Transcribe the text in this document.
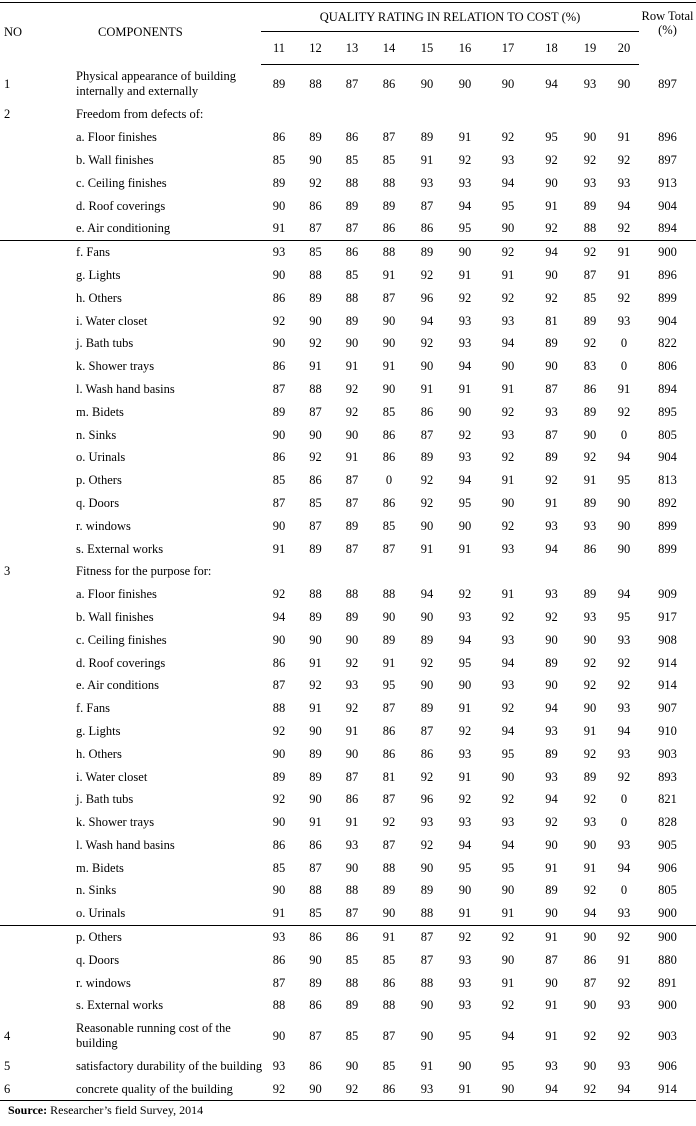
NO	COMPONENTS	QUALITY RATING IN RELATION TO COST (%)										Row Total (%)
		11	12	13	14	15	16	17	18	19	20	
1	Physical appearance of building internally and externally	89	88	87	86	90	90	90	94	93	90	897
2	Freedom from defects of:											
	a. Floor finishes	86	89	86	87	89	91	92	95	90	91	896
	b. Wall finishes	85	90	85	85	91	92	93	92	92	92	897
	c. Ceiling finishes	89	92	88	88	93	93	94	90	93	93	913
	d. Roof coverings	90	86	89	89	87	94	95	91	89	94	904
	e. Air conditioning	91	87	87	86	86	95	90	92	88	92	894
	f. Fans	93	85	86	88	89	90	92	94	92	91	900
	g. Lights	90	88	85	91	92	91	91	90	87	91	896
	h. Others	86	89	88	87	96	92	92	92	85	92	899
	i. Water closet	92	90	89	90	94	93	93	81	89	93	904
	j. Bath tubs	90	92	90	90	92	93	94	89	92	0	822
	k. Shower trays	86	91	91	91	90	94	90	90	83	0	806
	l. Wash hand basins	87	88	92	90	91	91	91	87	86	91	894
	m. Bidets	89	87	92	85	86	90	92	93	89	92	895
	n. Sinks	90	90	90	86	87	92	93	87	90	0	805
	o. Urinals	86	92	91	86	89	93	92	89	92	94	904
	p. Others	85	86	87	0	92	94	91	92	91	95	813
	q. Doors	87	85	87	86	92	95	90	91	89	90	892
	r. windows	90	87	89	85	90	90	92	93	93	90	899
	s. External works	91	89	87	87	91	91	93	94	86	90	899
3	Fitness for the purpose for:											
	a. Floor finishes	92	88	88	88	94	92	91	93	89	94	909
	b. Wall finishes	94	89	89	90	90	93	92	92	93	95	917
	c. Ceiling finishes	90	90	90	89	89	94	93	90	90	93	908
	d. Roof coverings	86	91	92	91	92	95	94	89	92	92	914
	e. Air conditions	87	92	93	95	90	90	93	90	92	92	914
	f. Fans	88	91	92	87	89	91	92	94	90	93	907
	g. Lights	92	90	91	86	87	92	94	93	91	94	910
	h. Others	90	89	90	86	86	93	95	89	92	93	903
	i. Water closet	89	89	87	81	92	91	90	93	89	92	893
	j. Bath tubs	92	90	86	87	96	92	92	94	92	0	821
	k. Shower trays	90	91	91	92	93	93	93	92	93	0	828
	l. Wash hand basins	86	86	93	87	92	94	94	90	90	93	905
	m. Bidets	85	87	90	88	90	95	95	91	91	94	906
	n. Sinks	90	88	88	89	89	90	90	89	92	0	805
	o. Urinals	91	85	87	90	88	91	91	90	94	93	900
	p. Others	93	86	86	91	87	92	92	91	90	92	900
	q. Doors	86	90	85	85	87	93	90	87	86	91	880
	r. windows	87	89	88	86	88	93	91	90	87	92	891
	s. External works	88	86	89	88	90	93	92	91	90	93	900
4	Reasonable running cost of the building	90	87	85	87	90	95	94	91	92	92	903
5	satisfactory durability of the building	93	86	90	85	91	90	95	93	90	93	906
6	concrete quality of the building	92	90	92	86	93	91	90	94	92	94	914
Source: Researcher’s field Survey, 2014
